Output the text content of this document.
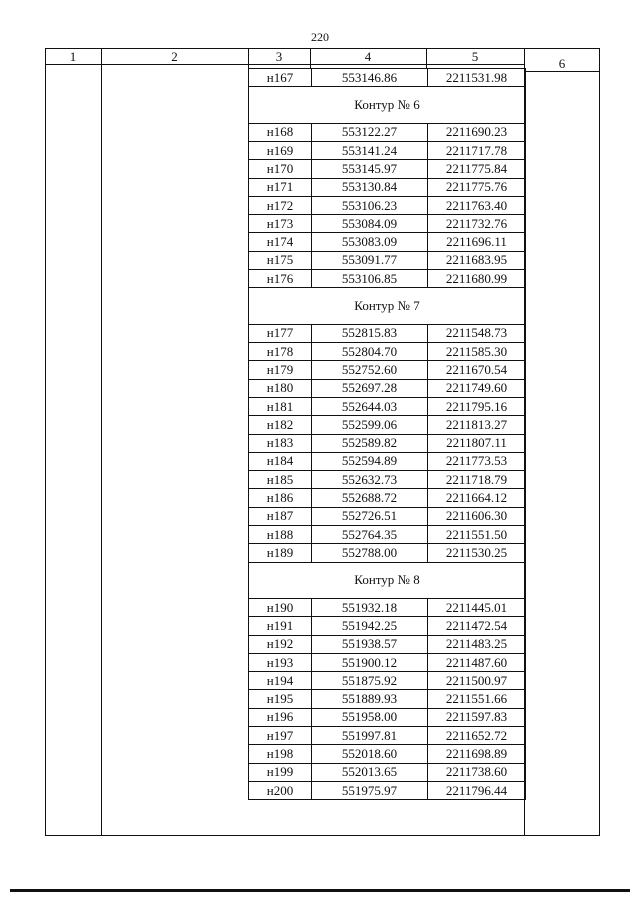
220
1	2	3	4	5	6
н167	553146.86	2211531.98
Контур № 6		
н168	553122.27	2211690.23
н169	553141.24	2211717.78
н170	553145.97	2211775.84
н171	553130.84	2211775.76
н172	553106.23	2211763.40
н173	553084.09	2211732.76
н174	553083.09	2211696.11
н175	553091.77	2211683.95
н176	553106.85	2211680.99
Контур № 7		
н177	552815.83	2211548.73
н178	552804.70	2211585.30
н179	552752.60	2211670.54
н180	552697.28	2211749.60
н181	552644.03	2211795.16
н182	552599.06	2211813.27
н183	552589.82	2211807.11
н184	552594.89	2211773.53
н185	552632.73	2211718.79
н186	552688.72	2211664.12
н187	552726.51	2211606.30
н188	552764.35	2211551.50
н189	552788.00	2211530.25
Контур № 8		
н190	551932.18	2211445.01
н191	551942.25	2211472.54
н192	551938.57	2211483.25
н193	551900.12	2211487.60
н194	551875.92	2211500.97
н195	551889.93	2211551.66
н196	551958.00	2211597.83
н197	551997.81	2211652.72
н198	552018.60	2211698.89
н199	552013.65	2211738.60
н200	551975.97	2211796.44
